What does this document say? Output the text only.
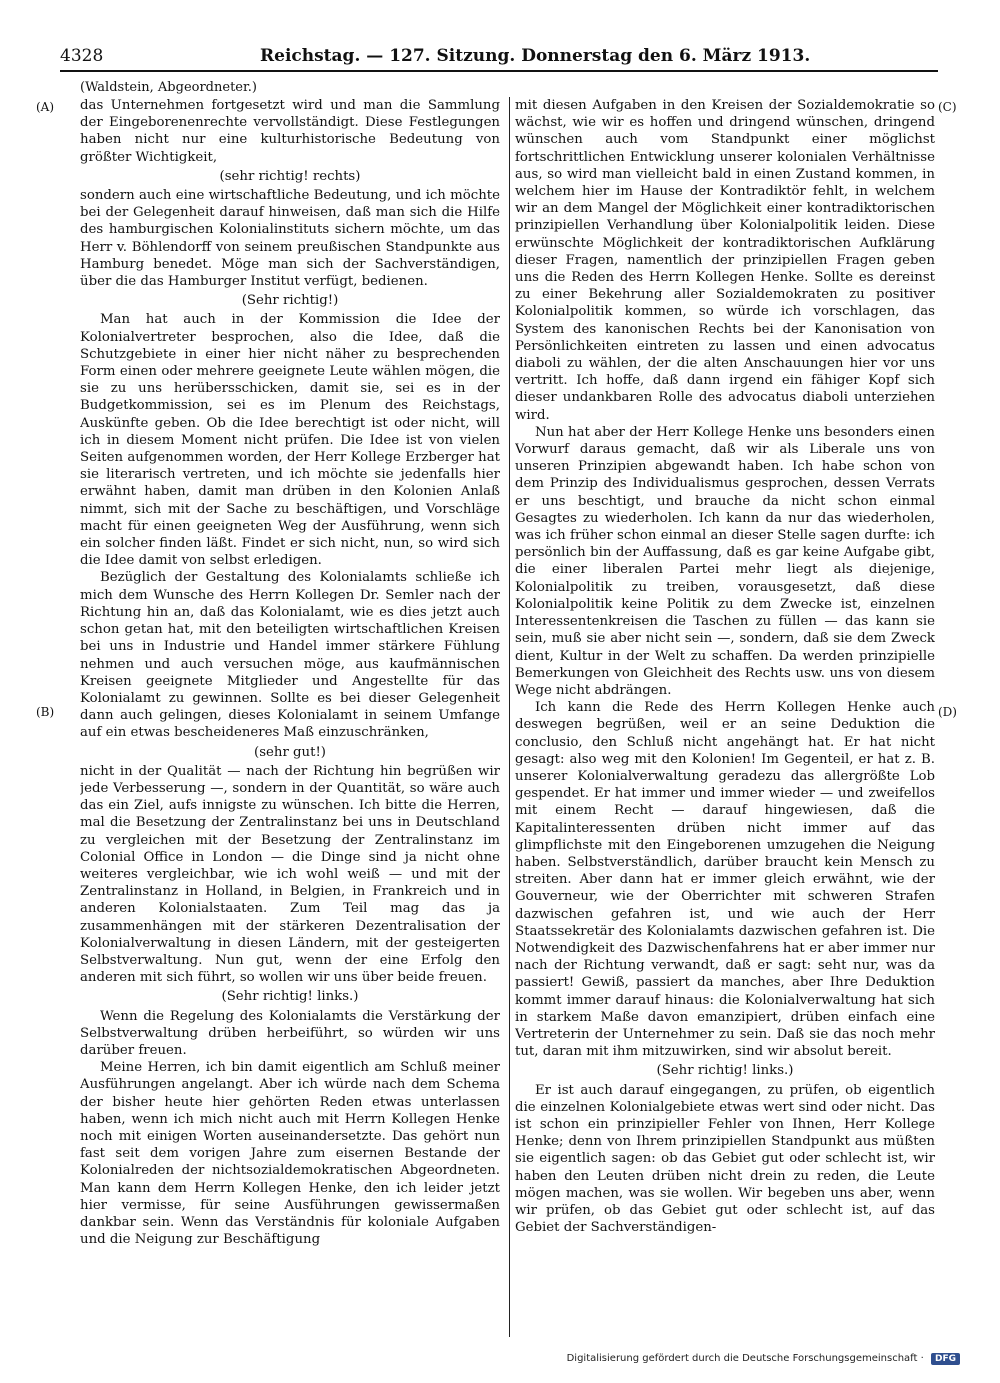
4328	Reichstag. — 127. Sitzung. Donnerstag den 6. März 1913.
(Waldstein, Abgeordneter.)
(A)
(B)
(C)
(D)

das Unternehmen fortgesetzt wird und man die Sammlung der Eingeborenenrechte vervollständigt. Diese Festlegungen haben nicht nur eine kulturhistorische Bedeutung von größter Wichtigkeit,

(sehr richtig! rechts)

sondern auch eine wirtschaftliche Bedeutung, und ich möchte bei der Gelegenheit darauf hinweisen, daß man sich die Hilfe des hamburgischen Kolonialinstituts sichern möchte, um das Herr v. Böhlendorff von seinem preußischen Standpunkte aus Hamburg benedet. Möge man sich der Sachverständigen, über die das Hamburger Institut verfügt, bedienen.

(Sehr richtig!)

Man hat auch in der Kommission die Idee der Kolonialvertreter besprochen, also die Idee, daß die Schutzgebiete in einer hier nicht näher zu besprechenden Form einen oder mehrere geeignete Leute wählen mögen, die sie zu uns herübersschicken, damit sie, sei es in der Budgetkommission, sei es im Plenum des Reichstags, Auskünfte geben. Ob die Idee berechtigt ist oder nicht, will ich in diesem Moment nicht prüfen. Die Idee ist von vielen Seiten aufgenommen worden, der Herr Kollege Erzberger hat sie literarisch vertreten, und ich möchte sie jedenfalls hier erwähnt haben, damit man drüben in den Kolonien Anlaß nimmt, sich mit der Sache zu beschäftigen, und Vorschläge macht für einen geeigneten Weg der Ausführung, wenn sich ein solcher finden läßt. Findet er sich nicht, nun, so wird sich die Idee damit von selbst erledigen.

Bezüglich der Gestaltung des Kolonialamts schließe ich mich dem Wunsche des Herrn Kollegen Dr. Semler nach der Richtung hin an, daß das Kolonialamt, wie es dies jetzt auch schon getan hat, mit den beteiligten wirtschaftlichen Kreisen bei uns in Industrie und Handel immer stärkere Fühlung nehmen und auch versuchen möge, aus kaufmännischen Kreisen geeignete Mitglieder und Angestellte für das Kolonialamt zu gewinnen. Sollte es bei dieser Gelegenheit dann auch gelingen, dieses Kolonialamt in seinem Umfange auf ein etwas bescheideneres Maß einzuschränken,

(sehr gut!)

nicht in der Qualität — nach der Richtung hin begrüßen wir jede Verbesserung —, sondern in der Quantität, so wäre auch das ein Ziel, aufs innigste zu wünschen. Ich bitte die Herren, mal die Besetzung der Zentralinstanz bei uns in Deutschland zu vergleichen mit der Besetzung der Zentralinstanz im Colonial Office in London — die Dinge sind ja nicht ohne weiteres vergleichbar, wie ich wohl weiß — und mit der Zentralinstanz in Holland, in Belgien, in Frankreich und in anderen Kolonialstaaten. Zum Teil mag das ja zusammenhängen mit der stärkeren Dezentralisation der Kolonialverwaltung in diesen Ländern, mit der gesteigerten Selbstverwaltung. Nun gut, wenn der eine Erfolg den anderen mit sich führt, so wollen wir uns über beide freuen.

(Sehr richtig! links.)

Wenn die Regelung des Kolonialamts die Verstärkung der Selbstverwaltung drüben herbeiführt, so würden wir uns darüber freuen.

Meine Herren, ich bin damit eigentlich am Schluß meiner Ausführungen angelangt. Aber ich würde nach dem Schema der bisher heute hier gehörten Reden etwas unterlassen haben, wenn ich mich nicht auch mit Herrn Kollegen Henke noch mit einigen Worten auseinandersetzte. Das gehört nun fast seit dem vorigen Jahre zum eisernen Bestande der Kolonialreden der nichtsozialdemokratischen Abgeordneten. Man kann dem Herrn Kollegen Henke, den ich leider jetzt hier vermisse, für seine Ausführungen gewissermaßen dankbar sein. Wenn das Verständnis für koloniale Aufgaben und die Neigung zur Beschäftigung

mit diesen Aufgaben in den Kreisen der Sozialdemokratie so wächst, wie wir es hoffen und dringend wünschen, dringend wünschen auch vom Standpunkt einer möglichst fortschrittlichen Entwicklung unserer kolonialen Verhältnisse aus, so wird man vielleicht bald in einen Zustand kommen, in welchem hier im Hause der Kontradiktör fehlt, in welchem wir an dem Mangel der Möglichkeit einer kontradiktorischen prinzipiellen Verhandlung über Kolonialpolitik leiden. Diese erwünschte Möglichkeit der kontradiktorischen Aufklärung dieser Fragen, namentlich der prinzipiellen Fragen geben uns die Reden des Herrn Kollegen Henke. Sollte es dereinst zu einer Bekehrung aller Sozialdemokraten zu positiver Kolonialpolitik kommen, so würde ich vorschlagen, das System des kanonischen Rechts bei der Kanonisation von Persönlichkeiten eintreten zu lassen und einen advocatus diaboli zu wählen, der die alten Anschauungen hier vor uns vertritt. Ich hoffe, daß dann irgend ein fähiger Kopf sich dieser undankbaren Rolle des advocatus diaboli unterziehen wird.

Nun hat aber der Herr Kollege Henke uns besonders einen Vorwurf daraus gemacht, daß wir als Liberale uns von unseren Prinzipien abgewandt haben. Ich habe schon von dem Prinzip des Individualismus gesprochen, dessen Verrats er uns beschtigt, und brauche da nicht schon einmal Gesagtes zu wiederholen. Ich kann da nur das wiederholen, was ich früher schon einmal an dieser Stelle sagen durfte: ich persönlich bin der Auffassung, daß es gar keine Aufgabe gibt, die einer liberalen Partei mehr liegt als diejenige, Kolonialpolitik zu treiben, vorausgesetzt, daß diese Kolonialpolitik keine Politik zu dem Zwecke ist, einzelnen Interessentenkreisen die Taschen zu füllen — das kann sie sein, muß sie aber nicht sein —, sondern, daß sie dem Zweck dient, Kultur in der Welt zu schaffen. Da werden prinzipielle Bemerkungen von Gleichheit des Rechts usw. uns von diesem Wege nicht abdrängen.

Ich kann die Rede des Herrn Kollegen Henke auch deswegen begrüßen, weil er an seine Deduktion die conclusio, den Schluß nicht angehängt hat. Er hat nicht gesagt: also weg mit den Kolonien! Im Gegenteil, er hat z. B. unserer Kolonialverwaltung geradezu das allergrößte Lob gespendet. Er hat immer und immer wieder — und zweifellos mit einem Recht — darauf hingewiesen, daß die Kapitalinteressenten drüben nicht immer auf das glimpflichste mit den Eingeborenen umzugehen die Neigung haben. Selbstverständlich, darüber braucht kein Mensch zu streiten. Aber dann hat er immer gleich erwähnt, wie der Gouverneur, wie der Oberrichter mit schweren Strafen dazwischen gefahren ist, und wie auch der Herr Staatssekretär des Kolonialamts dazwischen gefahren ist. Die Notwendigkeit des Dazwischenfahrens hat er aber immer nur nach der Richtung verwandt, daß er sagt: seht nur, was da passiert! Gewiß, passiert da manches, aber Ihre Deduktion kommt immer darauf hinaus: die Kolonialverwaltung hat sich in starkem Maße davon emanzipiert, drüben einfach eine Vertreterin der Unternehmer zu sein. Daß sie das noch mehr tut, daran mit ihm mitzuwirken, sind wir absolut bereit.

(Sehr richtig! links.)

Er ist auch darauf eingegangen, zu prüfen, ob eigentlich die einzelnen Kolonialgebiete etwas wert sind oder nicht. Das ist schon ein prinzipieller Fehler von Ihnen, Herr Kollege Henke; denn von Ihrem prinzipiellen Standpunkt aus müßten sie eigentlich sagen: ob das Gebiet gut oder schlecht ist, wir haben den Leuten drüben nicht drein zu reden, die Leute mögen machen, was sie wollen. Wir begeben uns aber, wenn wir prüfen, ob das Gebiet gut oder schlecht ist, auf das Gebiet der Sachverständigen-

Digitalisierung gefördert durch die Deutsche Forschungsgemeinschaft · DFG
